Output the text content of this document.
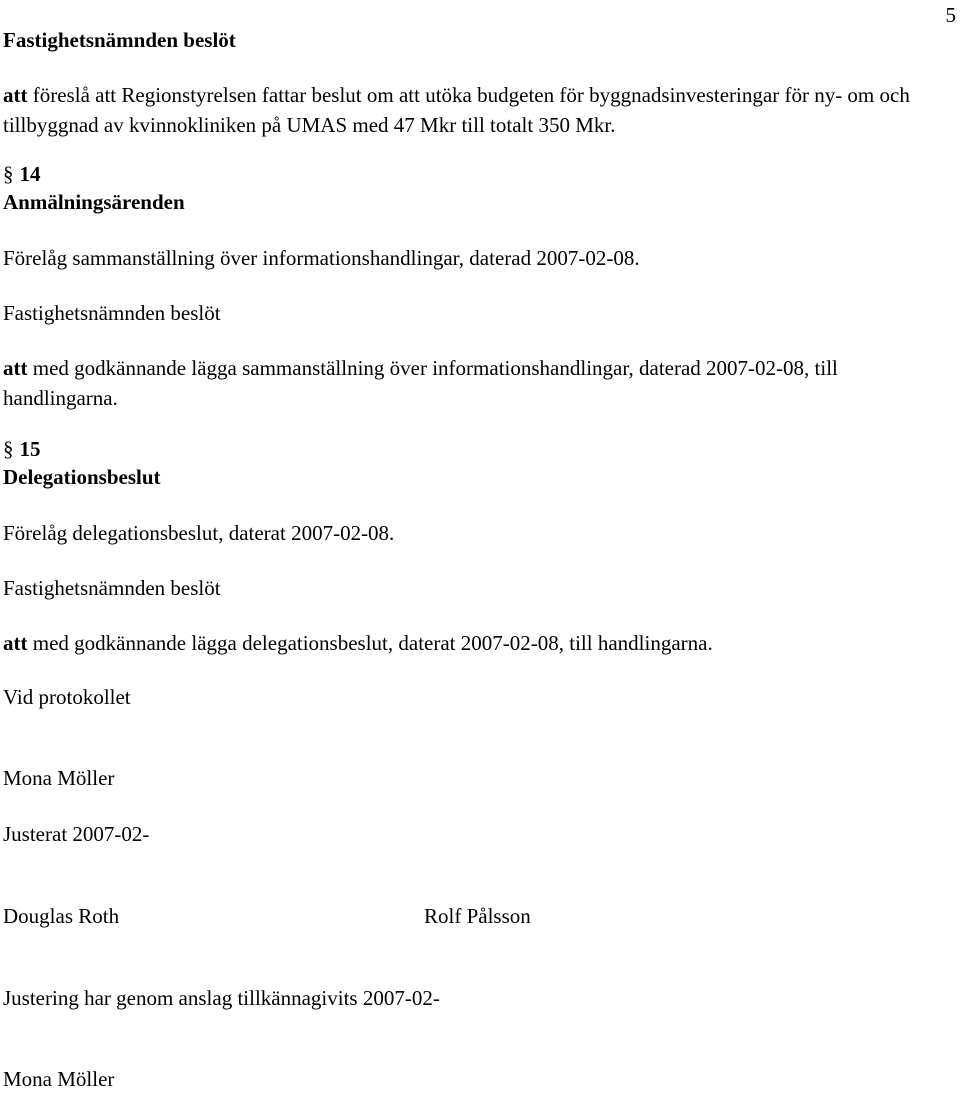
5

Fastighetsnämnden beslöt

att föreslå att Regionstyrelsen fattar beslut om att utöka budgeten för byggnadsinvesteringar för ny- om och tillbyggnad av kvinnokliniken på UMAS med 47 Mkr till totalt 350 Mkr.

§ 14

Anmälningsärenden

Förelåg sammanställning över informationshandlingar, daterad 2007-02-08.

Fastighetsnämnden beslöt

att med godkännande lägga sammanställning över informationshandlingar, daterad 2007-02-08, till handlingarna.

§ 15

Delegationsbeslut

Förelåg delegationsbeslut, daterat 2007-02-08.

Fastighetsnämnden beslöt

att med godkännande lägga delegationsbeslut, daterat 2007-02-08, till handlingarna.

Vid protokollet

Mona Möller

Justerat 2007-02-

Douglas Roth	Rolf Pålsson

Justering har genom anslag tillkännagivits 2007-02-

Mona Möller
